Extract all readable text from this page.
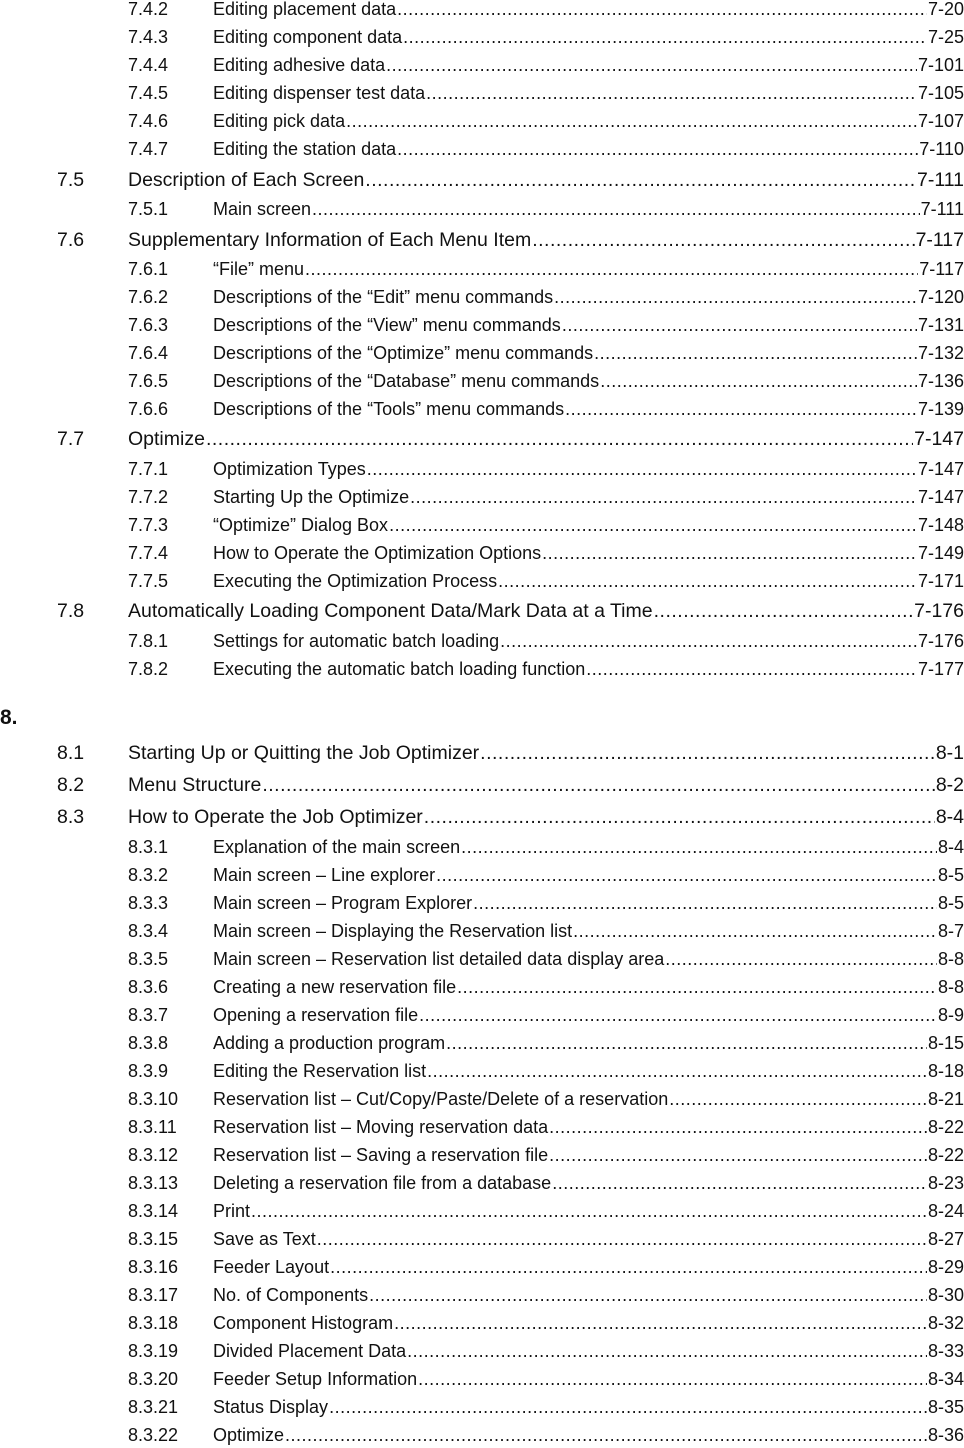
8.
7.4.2	Editing placement data .....	7-20
7.4.3	Editing component data .....	7-25
7.4.4	Editing adhesive data .....	7-101
7.4.5	Editing dispenser test data .....	7-105
7.4.6	Editing pick data .....	7-107
7.4.7	Editing the station data .....	7-110
7.5	Description of Each Screen .....	7-111
7.5.1	Main screen .....	7-111
7.6	Supplementary Information of Each Menu Item .....	7-117
7.6.1	“File” menu .....	7-117
7.6.2	Descriptions of the “Edit” menu commands .....	7-120
7.6.3	Descriptions of the “View” menu commands .....	7-131
7.6.4	Descriptions of the “Optimize” menu commands .....	7-132
7.6.5	Descriptions of the “Database” menu commands .....	7-136
7.6.6	Descriptions of the “Tools” menu commands .....	7-139
7.7	Optimize .....	7-147
7.7.1	Optimization Types .....	7-147
7.7.2	Starting Up the Optimize .....	7-147
7.7.3	“Optimize” Dialog Box .....	7-148
7.7.4	How to Operate the Optimization Options .....	7-149
7.7.5	Executing the Optimization Process .....	7-171
7.8	Automatically Loading Component Data/Mark Data at a Time .....	7-176
7.8.1	Settings for automatic batch loading .....	7-176
7.8.2	Executing the automatic batch loading function .....	7-177
8.1	Starting Up or Quitting the Job Optimizer .....	8-1
8.2	Menu Structure .....	8-2
8.3	How to Operate the Job Optimizer .....	8-4
8.3.1	Explanation of the main screen .....	8-4
8.3.2	Main screen – Line explorer .....	8-5
8.3.3	Main screen – Program Explorer .....	8-5
8.3.4	Main screen – Displaying the Reservation list .....	8-7
8.3.5	Main screen – Reservation list detailed data display area .....	8-8
8.3.6	Creating a new reservation file .....	8-8
8.3.7	Opening a reservation file .....	8-9
8.3.8	Adding a production program .....	8-15
8.3.9	Editing the Reservation list .....	8-18
8.3.10	Reservation list – Cut/Copy/Paste/Delete of a reservation .....	8-21
8.3.11	Reservation list – Moving reservation data .....	8-22
8.3.12	Reservation list – Saving a reservation file .....	8-22
8.3.13	Deleting a reservation file from a database .....	8-23
8.3.14	Print .....	8-24
8.3.15	Save as Text .....	8-27
8.3.16	Feeder Layout .....	8-29
8.3.17	No. of Components .....	8-30
8.3.18	Component Histogram .....	8-32
8.3.19	Divided Placement Data .....	8-33
8.3.20	Feeder Setup Information .....	8-34
8.3.21	Status Display .....	8-35
8.3.22	Optimize .....	8-36
